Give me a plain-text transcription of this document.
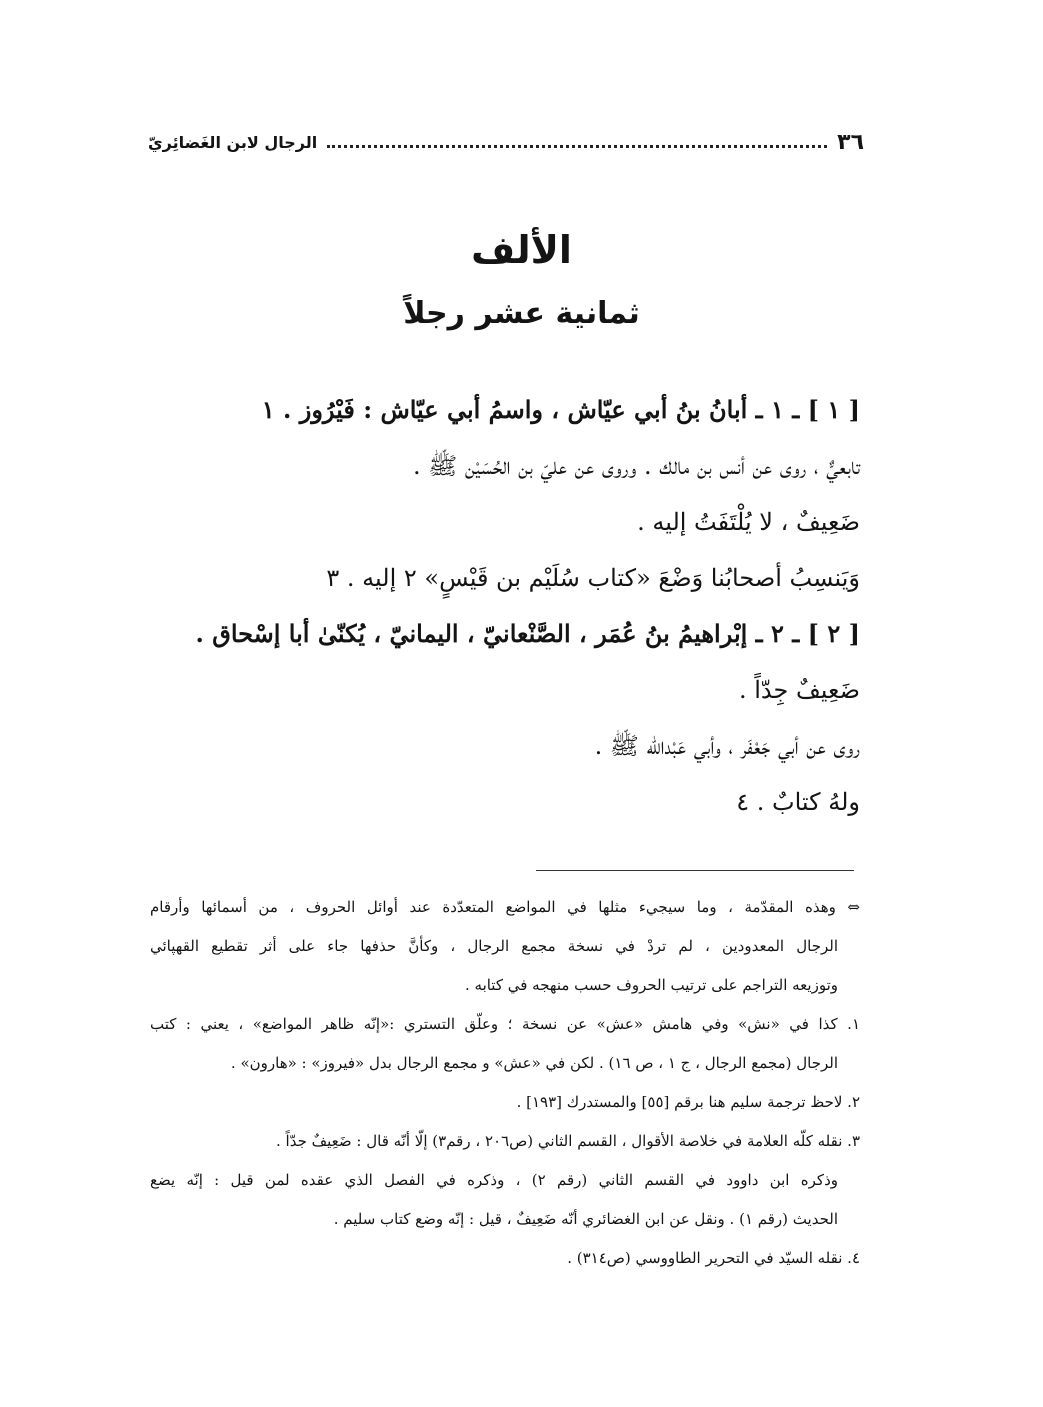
٣٦
الرجال لابن الغَضائِريّ
الألف
ثمانية عشر رجلاً
[ ١ ] ـ ١ ـ أبانُ بنُ أبي عيّاش ، واسمُ أبي عيّاش : فَيْرُوز . ١
تابعيٌّ ، روى عن أنس بن مالك . وروى عن عليّ بن الحُسَيْن ﷺ .
ضَعِيفٌ ، لا يُلْتَفَتُ إليه .
وَيَنسِبُ أصحابُنا وَضْعَ «كتاب سُلَيْم بن قَيْسٍ» ٢ إليه . ٣
[ ٢ ] ـ ٢ ـ إبْراهيمُ بنُ عُمَر ، الصَّنْعانيّ ، اليمانيّ ، يُكنّىٰ أبا إسْحاق .
ضَعِيفٌ جِدّاً .
روى عن أبي جَعْفَر ، وأبي عَبْدالله ﷺ .
ولهُ كتابٌ . ٤
⇔ وهذه المقدّمة ، وما سيجيء مثلها في المواضع المتعدّدة عند أوائل الحروف ، من أسمائها وأرقام
الرجال المعدودين ، لم تردْ في نسخة مجمع الرجال ، وكأنَّ حذفها جاء على أثر تقطيع القهپائي
وتوزيعه التراجم على ترتيب الحروف حسب منهجه في كتابه .
١. كذا في «نش» وفي هامش «عش» عن نسخة ؛ وعلّق التستري :«إنّه ظاهر المواضع» ، يعني : كتب
الرجال (مجمع الرجال ، ج ١ ، ص ١٦) . لكن في «عش» و مجمع الرجال بدل «فيروز» : «هارون» .
٢. لاحظ ترجمة سليم هنا برقم [٥٥] والمستدرك [١٩٣] .
٣. نقله كلّه العلامة في خلاصة الأقوال ، القسم الثاني (ص٢٠٦ ، رقم٣) إلّا أنّه قال : ضَعِيفٌ جدّاً .
وذكره ابن داوود في القسم الثاني (رقم ٢) ، وذكره في الفصل الذي عقده لمن قيل : إنّه يضع
الحديث (رقم ١) . ونقل عن ابن الغضائري أنّه ضَعِيفٌ ، قيل : إنّه وضع كتاب سليم .
٤. نقله السيّد في التحرير الطاووسي (ص٣١٤) .
